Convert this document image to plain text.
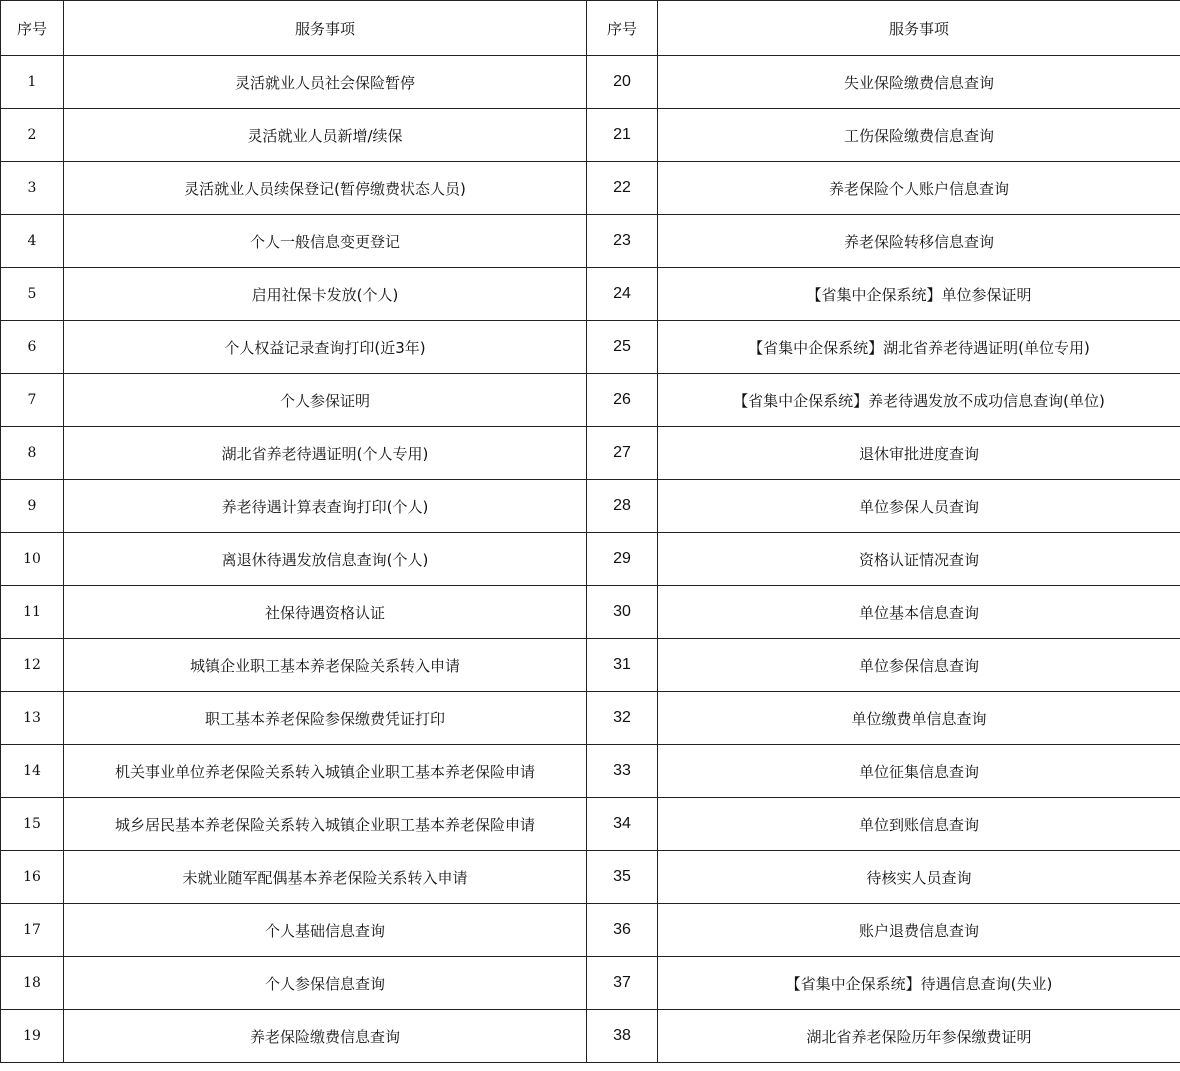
序号	服务事项	序号	服务事项
1	灵活就业人员社会保险暂停	20	失业保险缴费信息查询
2	灵活就业人员新增/续保	21	工伤保险缴费信息查询
3	灵活就业人员续保登记(暂停缴费状态人员)	22	养老保险个人账户信息查询
4	个人一般信息变更登记	23	养老保险转移信息查询
5	启用社保卡发放(个人)	24	【省集中企保系统】单位参保证明
6	个人权益记录查询打印(近3年)	25	【省集中企保系统】湖北省养老待遇证明(单位专用)
7	个人参保证明	26	【省集中企保系统】养老待遇发放不成功信息查询(单位)
8	湖北省养老待遇证明(个人专用)	27	退休审批进度查询
9	养老待遇计算表查询打印(个人)	28	单位参保人员查询
10	离退休待遇发放信息查询(个人)	29	资格认证情况查询
11	社保待遇资格认证	30	单位基本信息查询
12	城镇企业职工基本养老保险关系转入申请	31	单位参保信息查询
13	职工基本养老保险参保缴费凭证打印	32	单位缴费单信息查询
14	机关事业单位养老保险关系转入城镇企业职工基本养老保险申请	33	单位征集信息查询
15	城乡居民基本养老保险关系转入城镇企业职工基本养老保险申请	34	单位到账信息查询
16	未就业随军配偶基本养老保险关系转入申请	35	待核实人员查询
17	个人基础信息查询	36	账户退费信息查询
18	个人参保信息查询	37	【省集中企保系统】待遇信息查询(失业)
19	养老保险缴费信息查询	38	湖北省养老保险历年参保缴费证明
